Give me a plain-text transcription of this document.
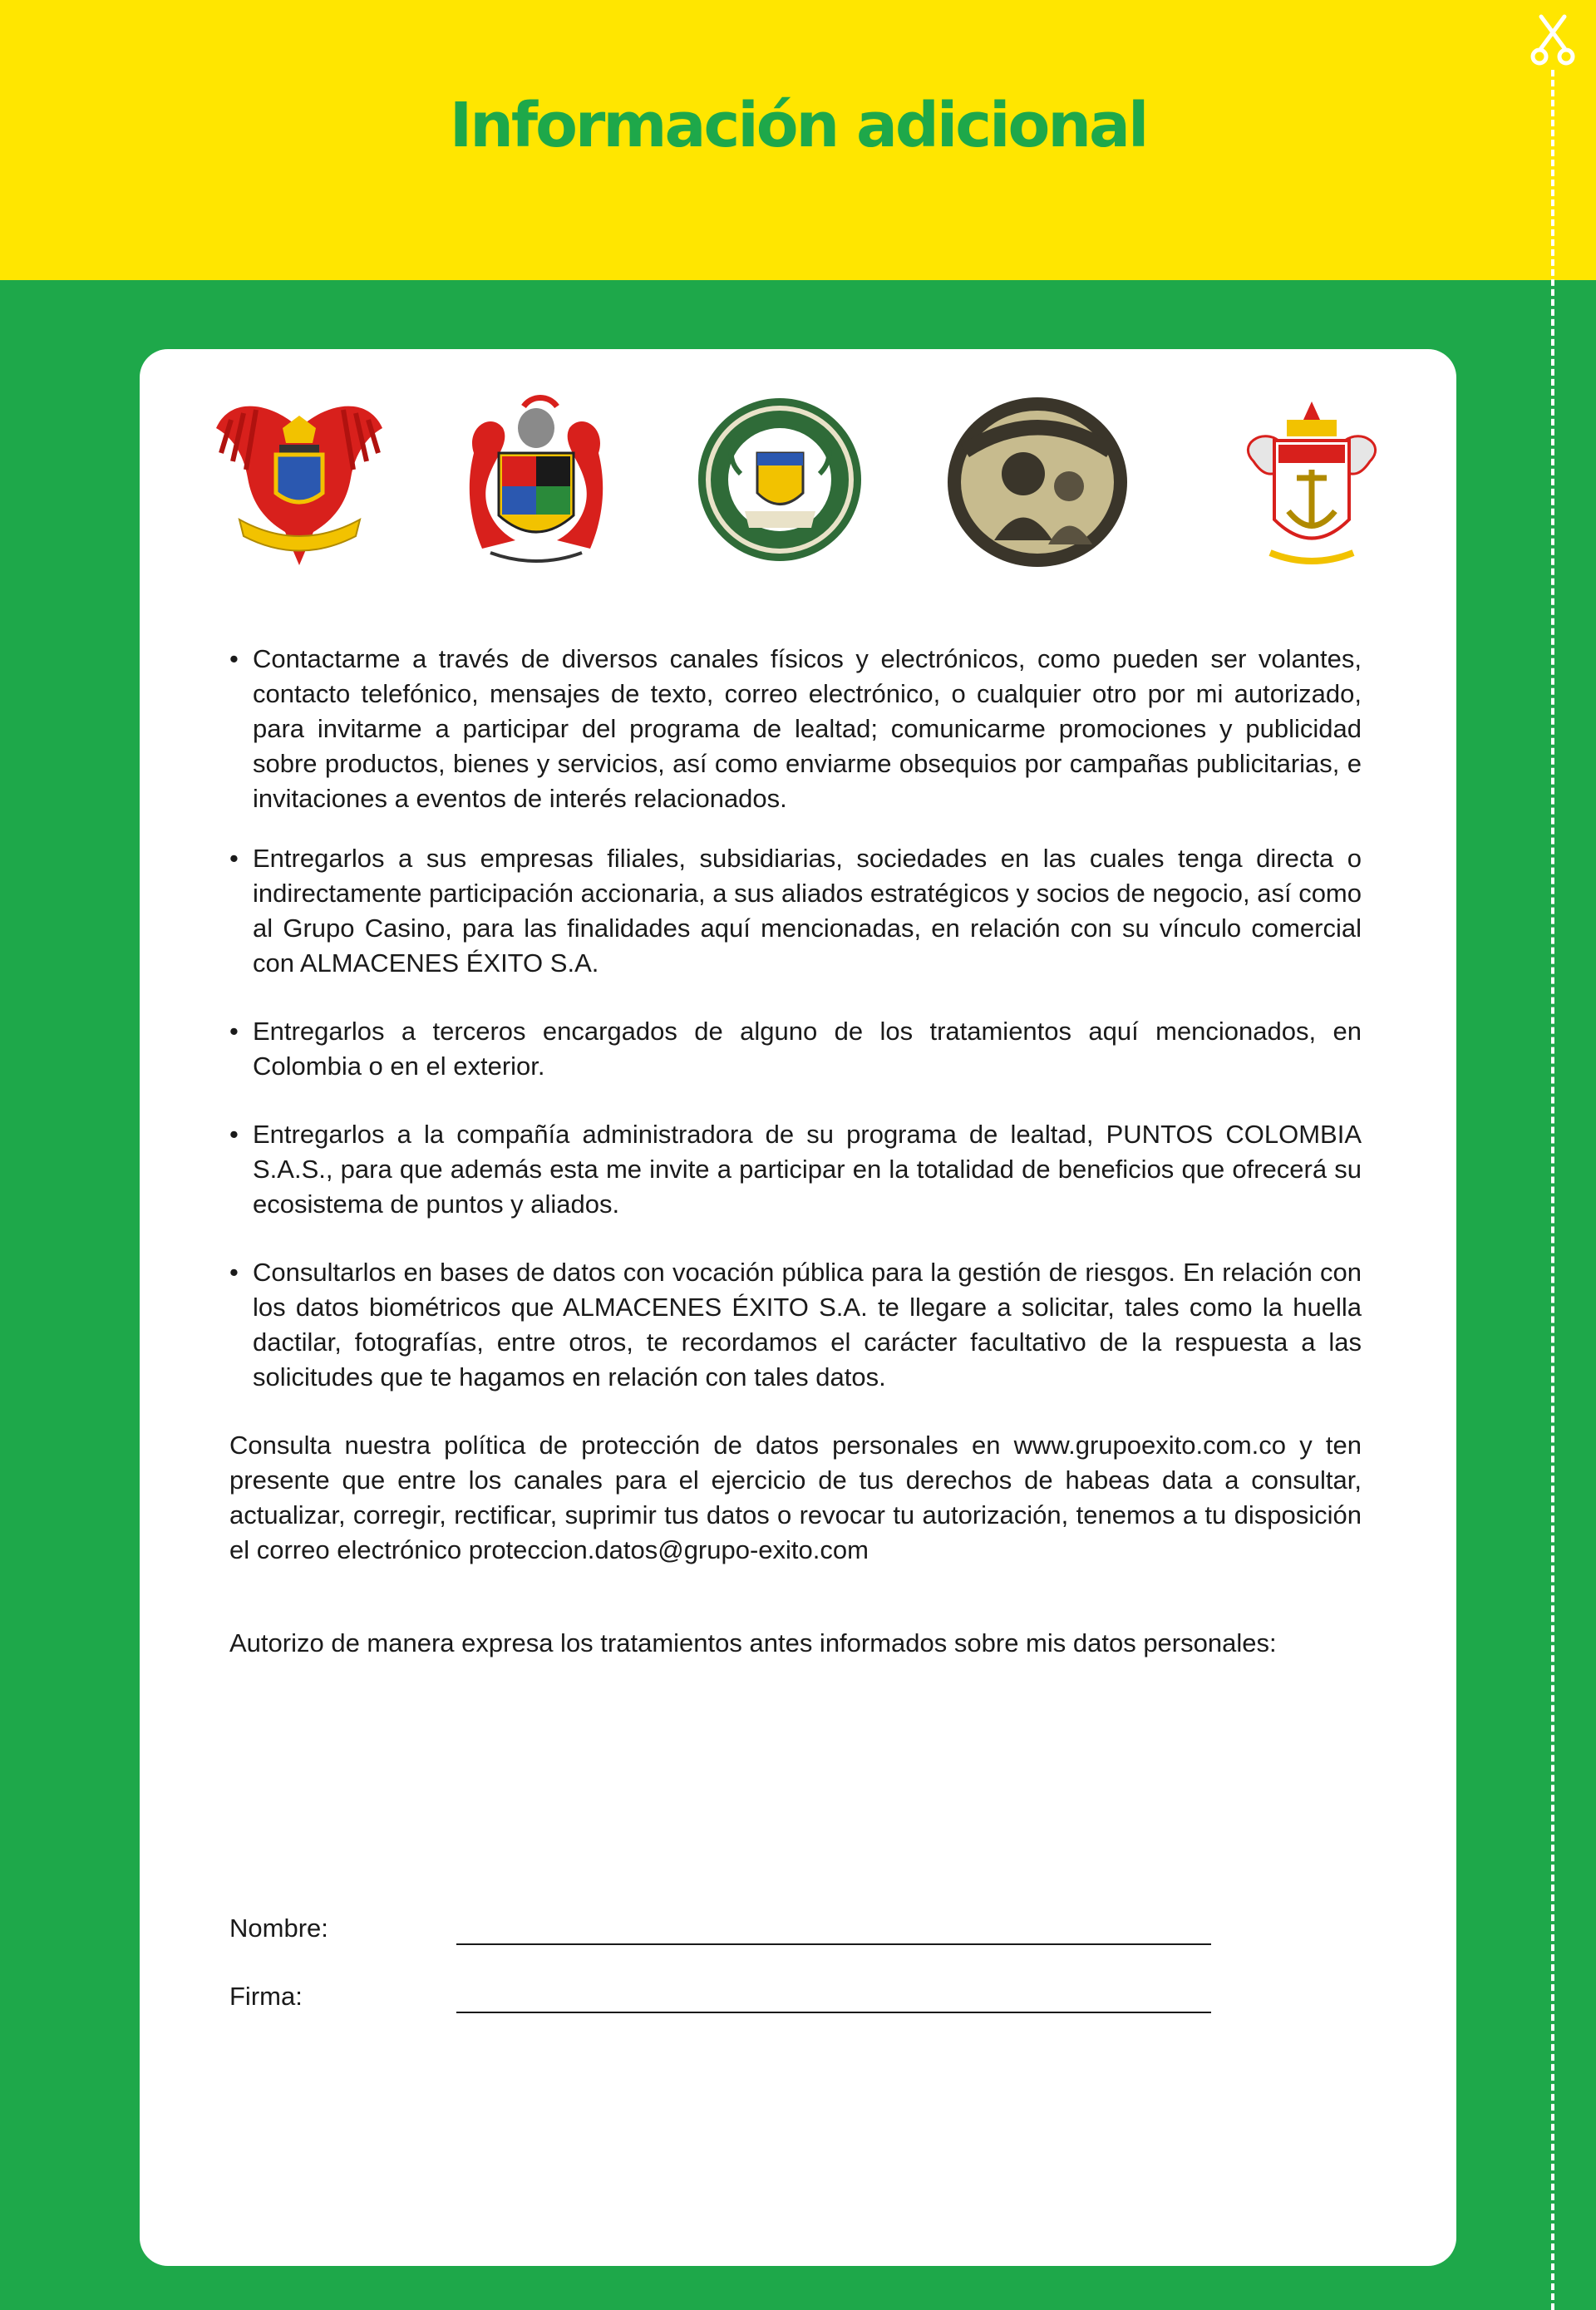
Información adicional
• Contactarme a través de diversos canales físicos y electrónicos, como pueden ser volantes, contacto telefónico, mensajes de texto, correo electrónico, o cualquier otro por mi autorizado, para invitarme a participar del programa de lealtad; comunicarme promociones y publicidad sobre productos, bienes y servicios, así como enviarme obsequios por campañas publicitarias, e invitaciones a eventos de interés relacionados.
• Entregarlos a sus empresas filiales, subsidiarias, sociedades en las cuales tenga directa o indirectamente participación accionaria, a sus aliados estratégicos y socios de negocio, así como al Grupo Casino, para las finalidades aquí mencionadas, en relación con su vínculo comercial con ALMACENES ÉXITO S.A.
• Entregarlos a terceros encargados de alguno de los tratamientos aquí mencionados, en Colombia o en el exterior.
• Entregarlos a la compañía administradora de su programa de lealtad, PUNTOS COLOMBIA S.A.S., para que además esta me invite a participar en la totalidad de beneficios que ofrecerá su ecosistema de puntos y aliados.
• Consultarlos en bases de datos con vocación pública para la gestión de riesgos. En relación con los datos biométricos que ALMACENES ÉXITO S.A. te llegare a solicitar, tales como la huella dactilar, fotografías, entre otros, te recordamos el carácter facultativo de la respuesta a las solicitudes que te hagamos en relación con tales datos.

Consulta nuestra política de protección de datos personales en www.grupoexito.com.co y ten presente que entre los canales para el ejercicio de tus derechos de habeas data a consultar, actualizar, corregir, rectificar, suprimir tus datos o revocar tu autorización, tenemos a tu disposición el correo electrónico proteccion.datos@grupo-exito.com

Autorizo de manera expresa los tratamientos antes informados sobre mis datos personales:

Nombre:
Firma:
